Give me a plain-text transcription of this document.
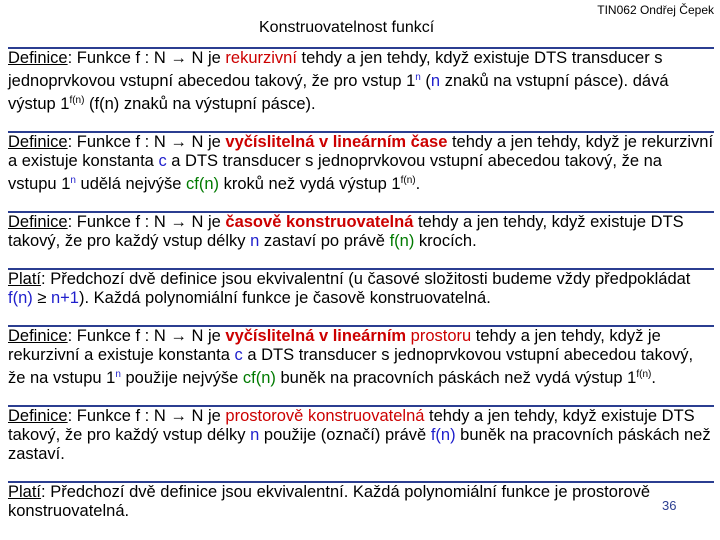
TIN062 Ondřej Čepek
Konstruovatelnost funkcí

Definice: Funkce f : N → N je rekurzivní tehdy a jen tehdy, když existuje DTS transducer s jednoprvkovou vstupní abecedou takový, že pro vstup 1$^n$ (n znaků na vstupní pásce). dává výstup $1^{f(n)}$ (f(n) znaků na výstupní pásce).

Definice: Funkce f : N → N je vyčíslitelná v lineárním čase tehdy a jen tehdy, když je rekurzivní a existuje konstanta c a DTS transducer s jednoprvkovou vstupní abecedou takový, že na vstupu 1$^n$ udělá nejvýše cf(n) kroků než vydá výstup $1^{f(n)}$.

Definice: Funkce f : N → N je časově konstruovatelná tehdy a jen tehdy, když existuje DTS takový, že pro každý vstup délky n zastaví po právě f(n) krocích.

Platí: Předchozí dvě definice jsou ekvivalentní (u časové složitosti budeme vždy předpokládat f(n) ≥ n+1). Každá polynomiální funkce je časově konstruovatelná.

Definice: Funkce f : N → N je vyčíslitelná v lineárním prostoru tehdy a jen tehdy, když je rekurzivní a existuje konstanta c a DTS transducer s jednoprvkovou vstupní abecedou takový, že na vstupu 1$^n$ použije nejvýše cf(n) buněk na pracovních páskách než vydá výstup $1^{f(n)}$.

Definice: Funkce f : N → N je prostorově konstruovatelná tehdy a jen tehdy, když existuje DTS takový, že pro každý vstup délky n použije (označí) právě f(n) buněk na pracovních páskách než zastaví.

Platí: Předchozí dvě definice jsou ekvivalentní. Každá polynomiální funkce je prostorově konstruovatelná.	36
